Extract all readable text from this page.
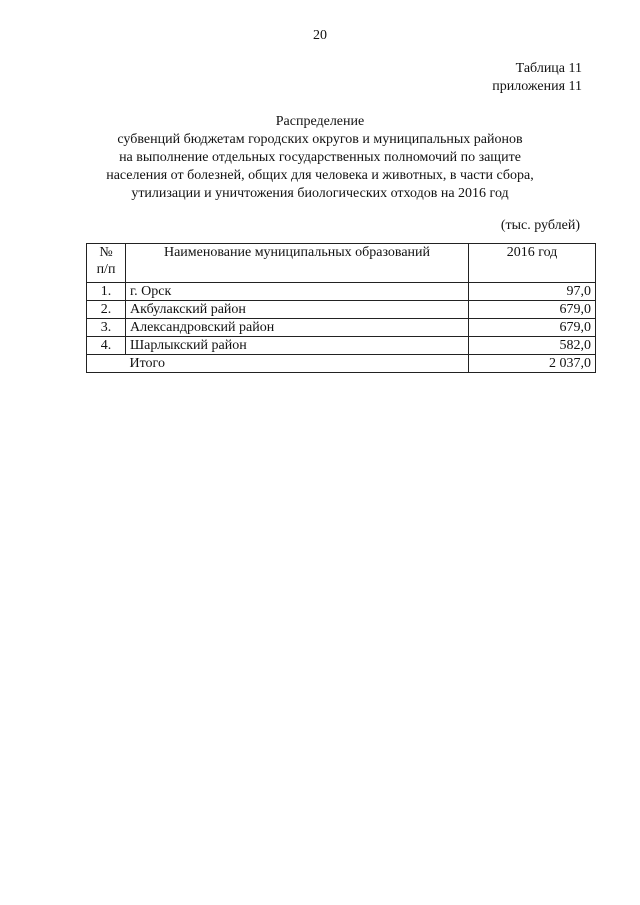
20
Таблица 11
приложения 11
Распределение
субвенций бюджетам городских округов и муниципальных районов
на выполнение отдельных государственных полномочий по защите
населения от болезней, общих для человека и животных, в части сбора,
утилизации и уничтожения биологических отходов на 2016 год
(тыс. рублей)
№
п/п	Наименование муниципальных образований	2016 год
1.	г. Орск	97,0
2.	Акбулакский район	679,0
3.	Александровский район	679,0
4.	Шарлыкский район	582,0
	Итого	2 037,0
